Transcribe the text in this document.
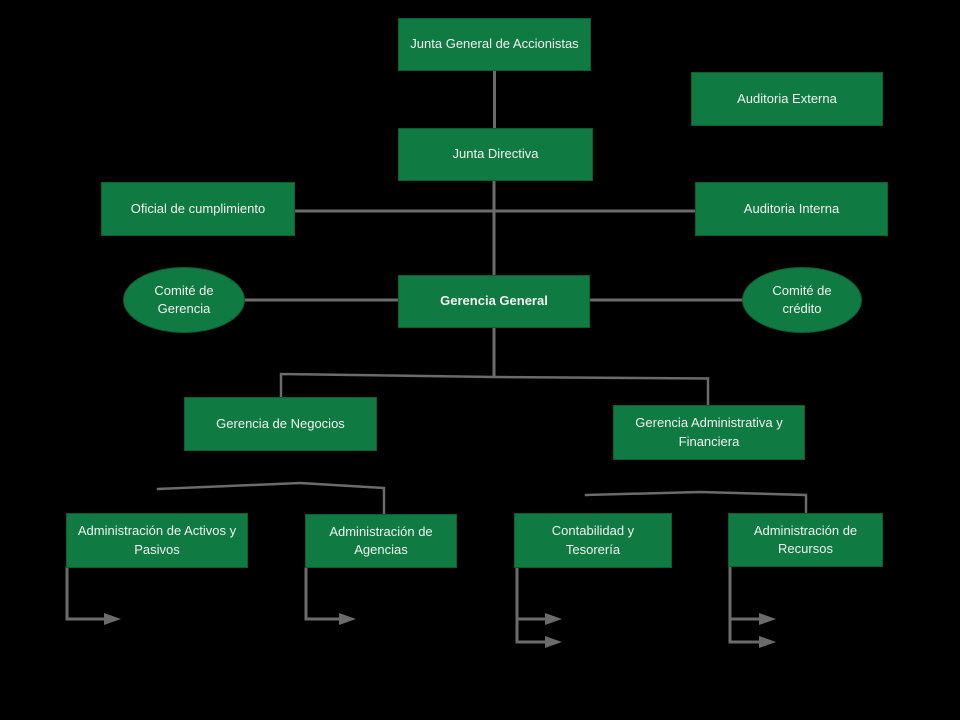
Junta General de Accionistas
Auditoria Externa
Junta Directiva
Oficial de cumplimiento	Auditoria Interna
Comité de Gerencia
Gerencia General
Comité de crédito
Gerencia de Negocios	Gerencia Administrativa y Financiera
Administración de Activos y Pasivos
Administración de Agencias
Contabilidad y Tesorería
Administración de Recursos
